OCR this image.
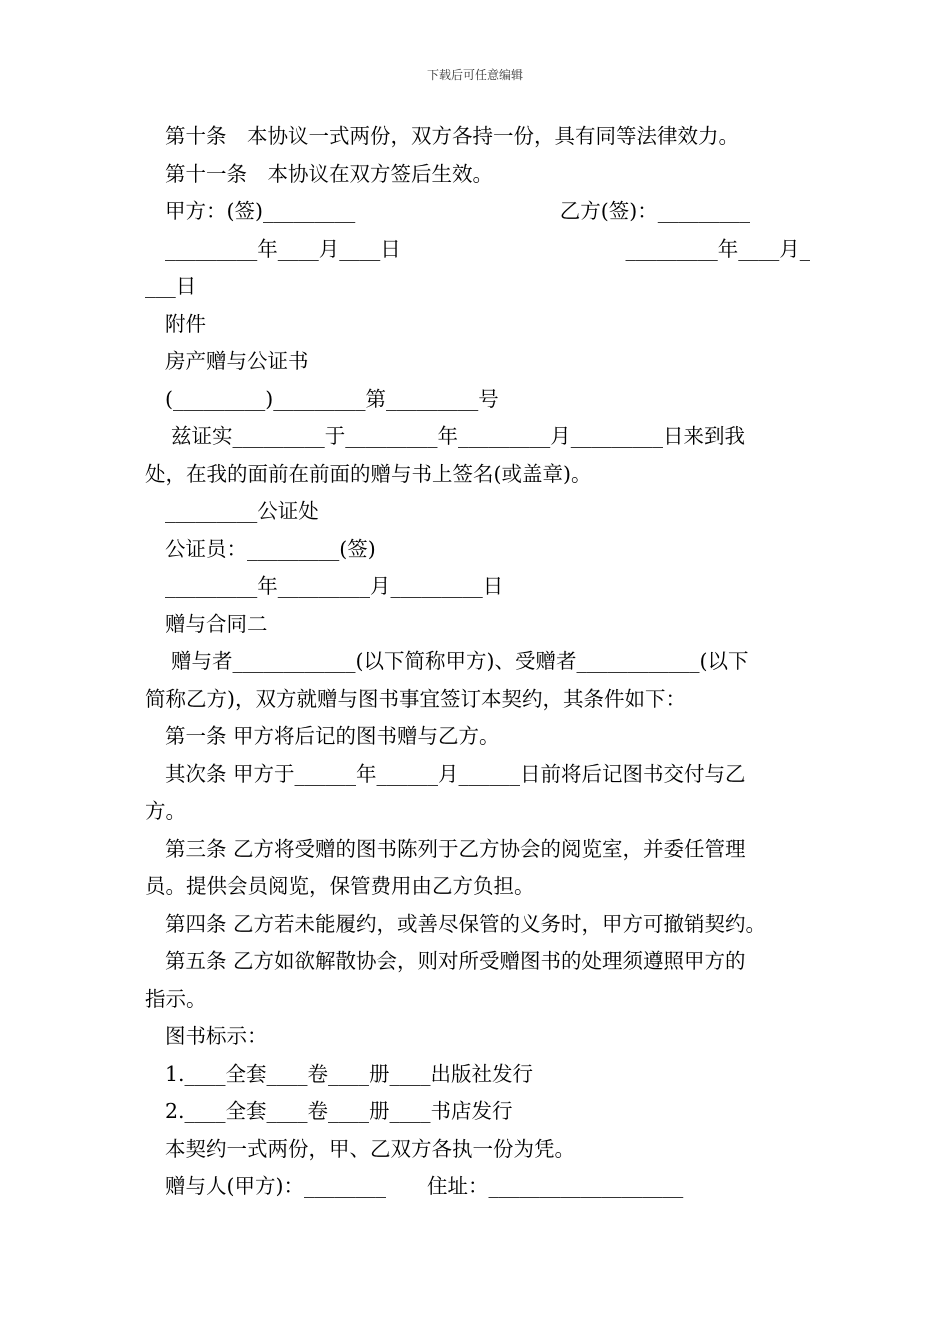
下载后可任意编辑
第十条　本协议一式两份，双方各持一份，具有同等法律效力。
第十一条　本协议在双方签后生效。
甲方：(签)_________	乙方(签)：_________
_________年____月____日	_________年____月_
___日
附件
房产赠与公证书
(_________)_________第_________号
兹证实_________于_________年_________月_________日来到我
处，在我的面前在前面的赠与书上签名(或盖章)。
_________公证处
公证员：_________(签)
_________年_________月_________日
赠与合同二
赠与者____________(以下简称甲方)、受赠者____________(以下
简称乙方)，双方就赠与图书事宜签订本契约，其条件如下：
第一条 甲方将后记的图书赠与乙方。
其次条 甲方于______年______月______日前将后记图书交付与乙
方。
第三条 乙方将受赠的图书陈列于乙方协会的阅览室，并委任管理
员。提供会员阅览，保管费用由乙方负担。
第四条 乙方若未能履约，或善尽保管的义务时，甲方可撤销契约。
第五条 乙方如欲解散协会，则对所受赠图书的处理须遵照甲方的
指示。
图书标示：
1.____全套____卷____册____出版社发行
2.____全套____卷____册____书店发行
本契约一式两份，甲、乙双方各执一份为凭。
赠与人(甲方)：________　　住址：___________________
